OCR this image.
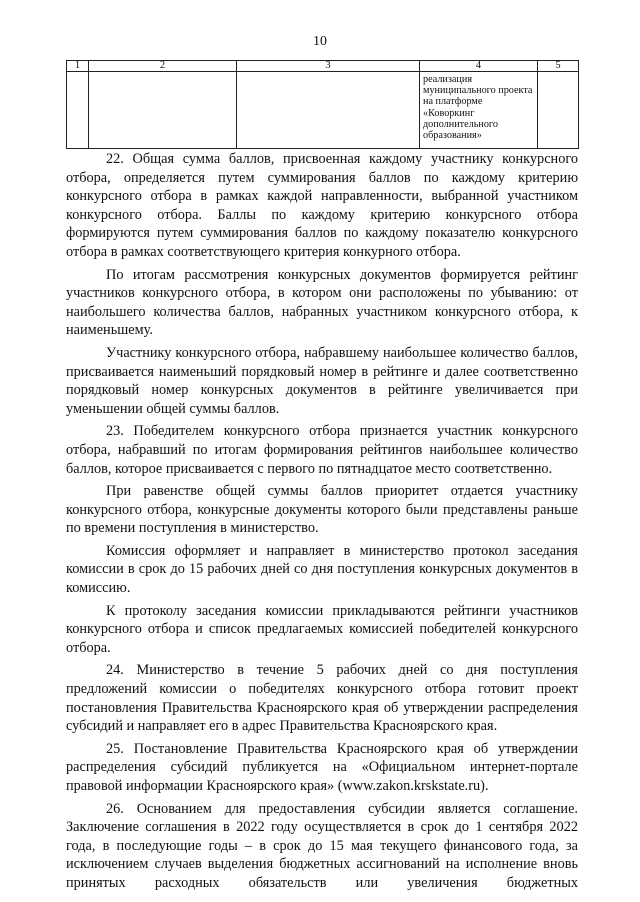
10
1	2	3	4	5
			реализация муниципального проекта на платформе «Коворкинг дополнительного образования»	

22. Общая сумма баллов, присвоенная каждому участнику конкурсного отбора, определяется путем суммирования баллов по каждому критерию конкурсного отбора в рамках каждой направленности, выбранной участником конкурсного отбора. Баллы по каждому критерию конкурсного отбора формируются путем суммирования баллов по каждому показателю конкурсного отбора в рамках соответствующего критерия конкурного отбора.

По итогам рассмотрения конкурсных документов формируется рейтинг участников конкурсного отбора, в котором они расположены по убыванию: от наибольшего количества баллов, набранных участником конкурсного отбора, к наименьшему.

Участнику конкурсного отбора, набравшему наибольшее количество баллов, присваивается наименьший порядковый номер в рейтинге и далее соответственно порядковый номер конкурсных документов в рейтинге увеличивается при уменьшении общей суммы баллов.

23. Победителем конкурсного отбора признается участник конкурсного отбора, набравший по итогам формирования рейтингов наибольшее количество баллов, которое присваивается с первого по пятнадцатое место соответственно.

При равенстве общей суммы баллов приоритет отдается участнику конкурсного отбора, конкурсные документы которого были представлены раньше по времени поступления в министерство.

Комиссия оформляет и направляет в министерство протокол заседания комиссии в срок до 15 рабочих дней со дня поступления конкурсных документов в комиссию.

К протоколу заседания комиссии прикладываются рейтинги участников конкурсного отбора и список предлагаемых комиссией победителей конкурсного отбора.

24. Министерство в течение 5 рабочих дней со дня поступления предложений комиссии о победителях конкурсного отбора готовит проект постановления Правительства Красноярского края об утверждении распределения субсидий и направляет его в адрес Правительства Красноярского края.

25. Постановление Правительства Красноярского края об утверждении распределения субсидий публикуется на «Официальном интернет-портале правовой информации Красноярского края» (www.zakon.krskstate.ru).

26. Основанием для предоставления субсидии является соглашение. Заключение соглашения в 2022 году осуществляется в срок до 1 сентября 2022 года, в последующие годы – в срок до 15 мая текущего финансового года, за исключением случаев выделения бюджетных ассигнований на исполнение вновь принятых расходных обязательств или увеличения бюджетных
